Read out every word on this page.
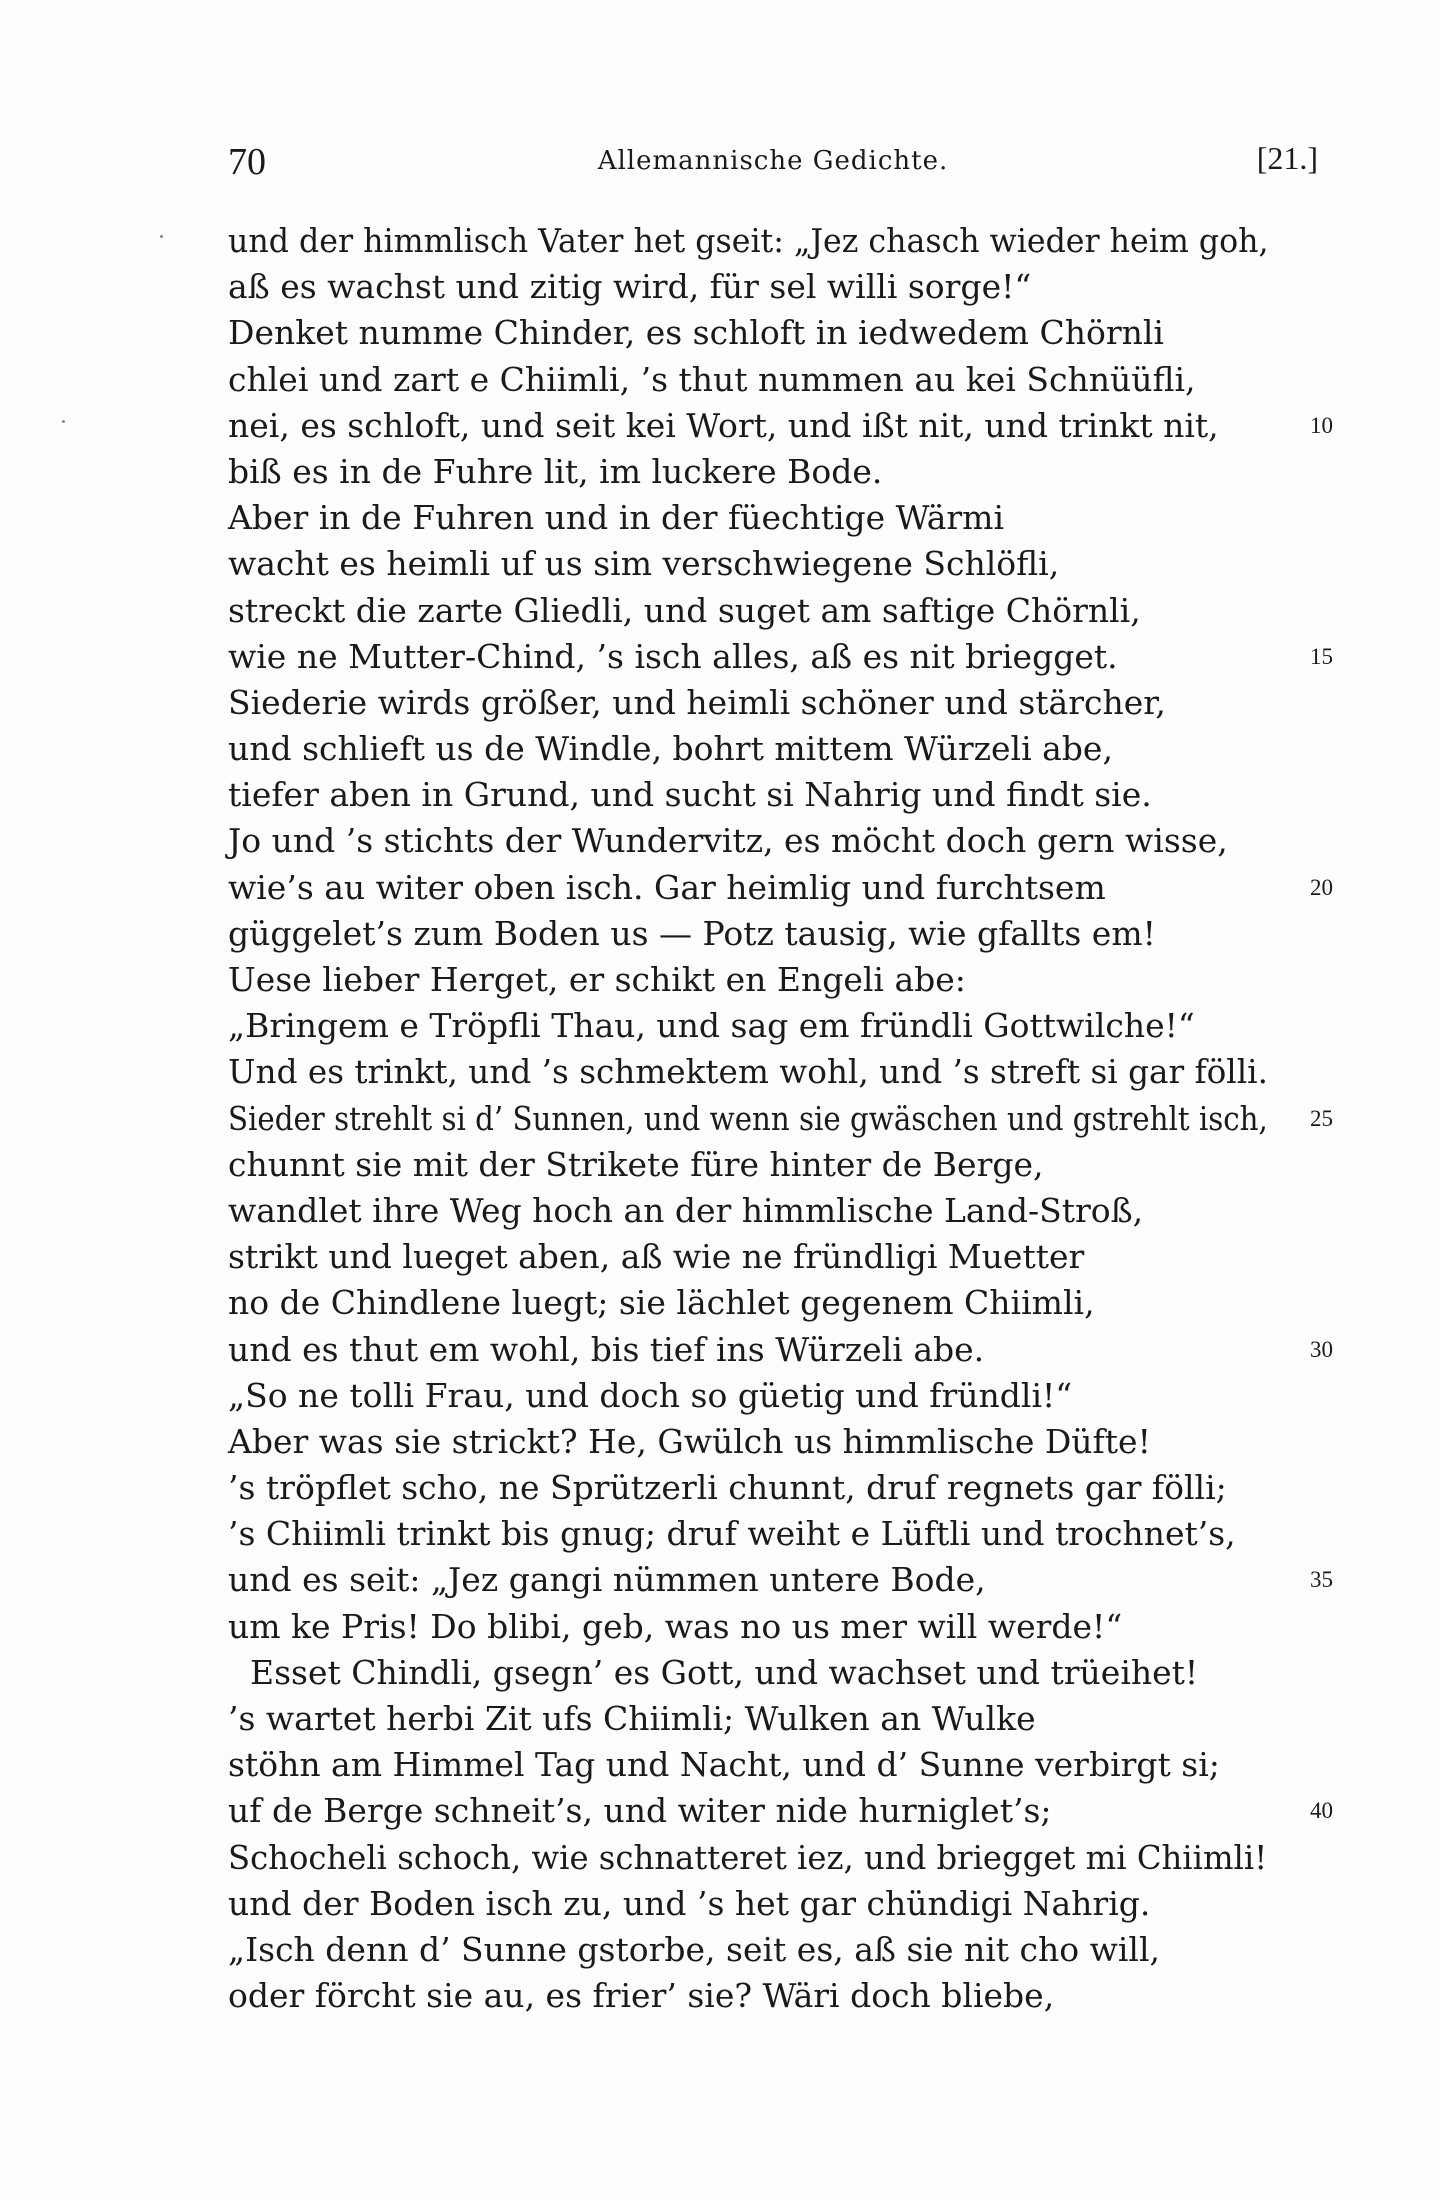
70	Allemannische Gedichte.	[21.]
und der himmlisch Vater het gseit: „Jez chasch wieder heim goh,
aß es wachst und zitig wird, für sel willi sorge!“
Denket numme Chinder, es schloft in iedwedem Chörnli
chlei und zart e Chiimli, ’s thut nummen au kei Schnüüfli,
nei, es schloft, und seit kei Wort, und ißt nit, und trinkt nit,	10
biß es in de Fuhre lit, im luckere Bode.
Aber in de Fuhren und in der füechtige Wärmi
wacht es heimli uf us sim verschwiegene Schlöfli,
streckt die zarte Gliedli, und suget am saftige Chörnli,
wie ne Mutter-Chind, ’s isch alles, aß es nit briegget.	15
Siederie wirds größer, und heimli schöner und stärcher,
und schlieft us de Windle, bohrt mittem Würzeli abe,
tiefer aben in Grund, und sucht si Nahrig und findt sie.
Jo und ’s stichts der Wundervitz, es möcht doch gern wisse,
wie’s au witer oben isch. Gar heimlig und furchtsem	20
güggelet’s zum Boden us — Potz tausig, wie gfallts em!
Uese lieber Herget, er schikt en Engeli abe:
„Bringem e Tröpfli Thau, und sag em fründli Gottwilche!“
Und es trinkt, und ’s schmektem wohl, und ’s streft si gar fölli.
Sieder strehlt si d’ Sunnen, und wenn sie gwäschen und gstrehlt isch, 25
chunnt sie mit der Strikete füre hinter de Berge,
wandlet ihre Weg hoch an der himmlische Land-Stroß,
strikt und lueget aben, aß wie ne fründligi Muetter
no de Chindlene luegt; sie lächlet gegenem Chiimli,
und es thut em wohl, bis tief ins Würzeli abe.	30
„So ne tolli Frau, und doch so güetig und fründli!“
Aber was sie strickt? He, Gwülch us himmlische Düfte!
’s tröpflet scho, ne Sprützerli chunnt, druf regnets gar fölli;
’s Chiimli trinkt bis gnug; druf weiht e Lüftli und trochnet’s,
und es seit: „Jez gangi nümmen untere Bode,	35
um ke Pris! Do blibi, geb, was no us mer will werde!“
Esset Chindli, gsegn’ es Gott, und wachset und trüeihet!
’s wartet herbi Zit ufs Chiimli; Wulken an Wulke
stöhn am Himmel Tag und Nacht, und d’ Sunne verbirgt si;
uf de Berge schneit’s, und witer nide hurniglet’s;	40
Schocheli schoch, wie schnatteret iez, und briegget mi Chiimli!
und der Boden isch zu, und ’s het gar chündigi Nahrig.
„Isch denn d’ Sunne gstorbe, seit es, aß sie nit cho will,
oder förcht sie au, es frier’ sie? Wäri doch bliebe,
